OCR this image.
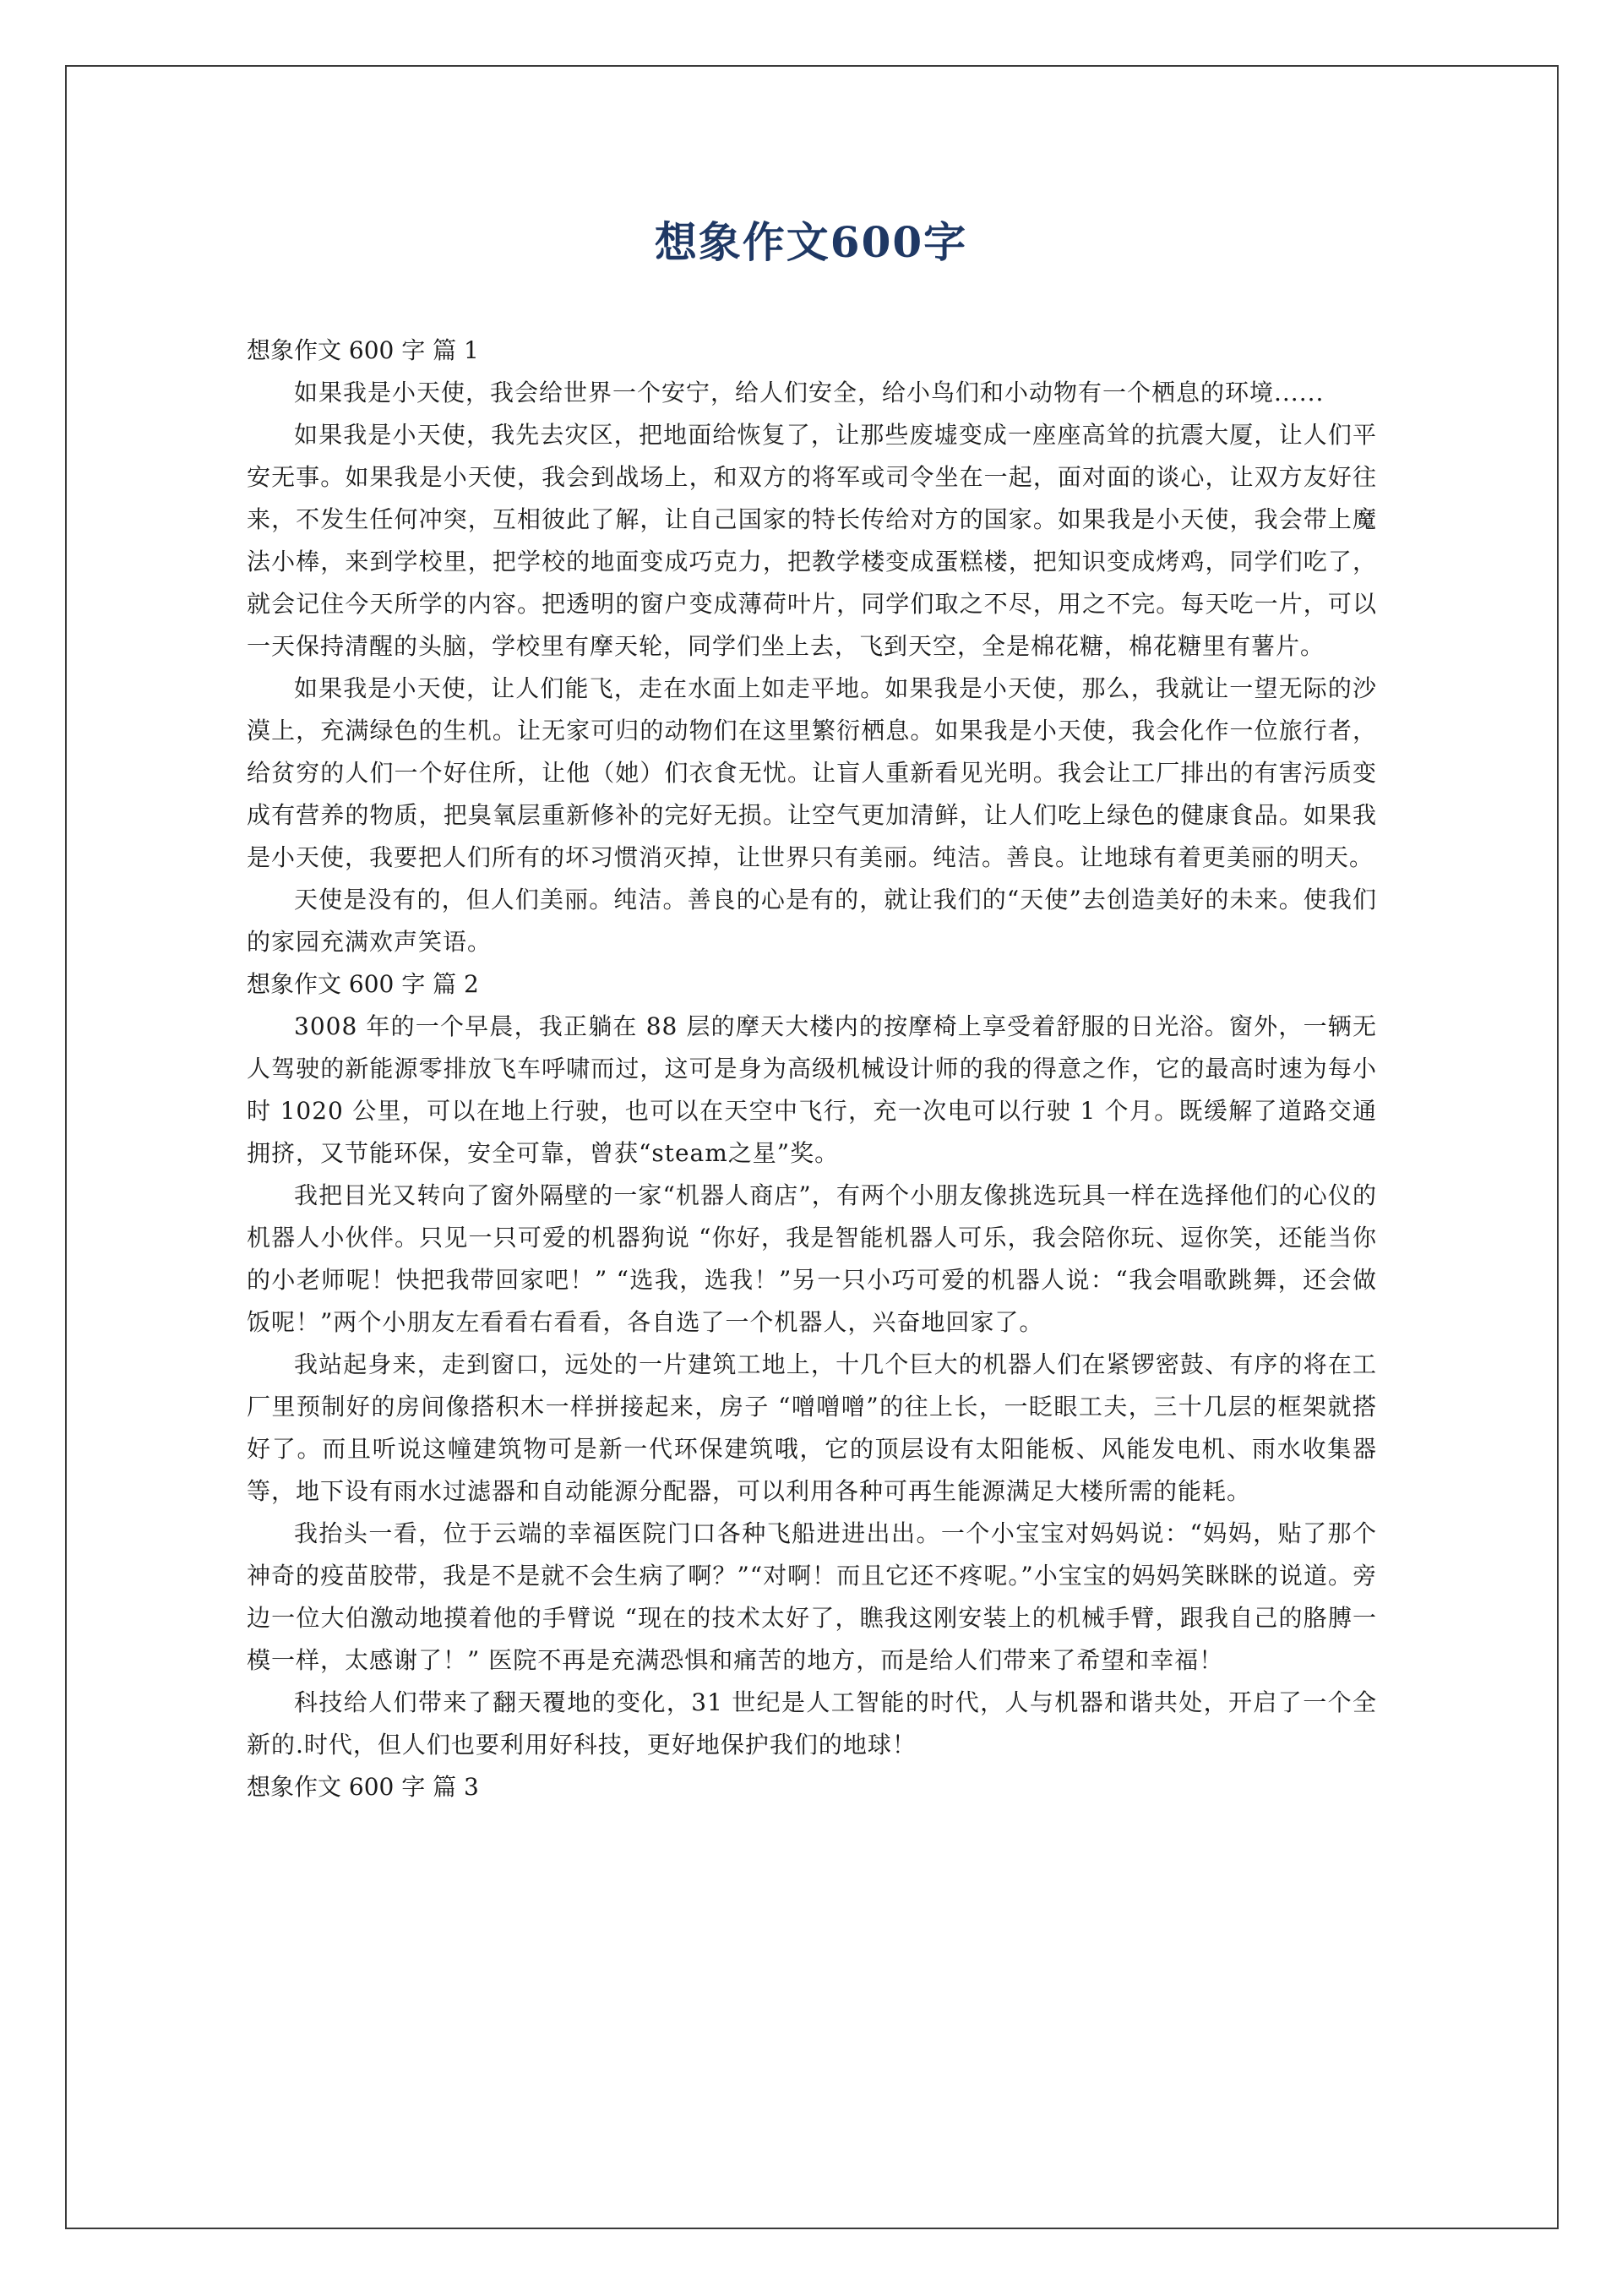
想象作文600字

想象作文 600 字 篇 1

如果我是小天使，我会给世界一个安宁，给人们安全，给小鸟们和小动物有一个栖息的环境......

如果我是小天使，我先去灾区，把地面给恢复了，让那些废墟变成一座座高耸的抗震大厦，让人们平安无事。如果我是小天使，我会到战场上，和双方的将军或司令坐在一起，面对面的谈心，让双方友好往来，不发生任何冲突，互相彼此了解，让自己国家的特长传给对方的国家。如果我是小天使，我会带上魔法小棒，来到学校里，把学校的地面变成巧克力，把教学楼变成蛋糕楼，把知识变成烤鸡，同学们吃了，就会记住今天所学的内容。把透明的窗户变成薄荷叶片，同学们取之不尽，用之不完。每天吃一片，可以一天保持清醒的头脑，学校里有摩天轮，同学们坐上去，飞到天空，全是棉花糖，棉花糖里有薯片。

如果我是小天使，让人们能飞，走在水面上如走平地。如果我是小天使，那么，我就让一望无际的沙漠上，充满绿色的生机。让无家可归的动物们在这里繁衍栖息。如果我是小天使，我会化作一位旅行者，给贫穷的人们一个好住所，让他（她）们衣食无忧。让盲人重新看见光明。我会让工厂排出的有害污质变成有营养的物质，把臭氧层重新修补的完好无损。让空气更加清鲜，让人们吃上绿色的健康食品。如果我是小天使，我要把人们所有的坏习惯消灭掉，让世界只有美丽。纯洁。善良。让地球有着更美丽的明天。

天使是没有的，但人们美丽。纯洁。善良的心是有的，就让我们的“天使”去创造美好的未来。使我们的家园充满欢声笑语。

想象作文 600 字 篇 2

3008 年的一个早晨，我正躺在 88 层的摩天大楼内的按摩椅上享受着舒服的日光浴。窗外，一辆无人驾驶的新能源零排放飞车呼啸而过，这可是身为高级机械设计师的我的得意之作，它的最高时速为每小时 1020 公里，可以在地上行驶，也可以在天空中飞行，充一次电可以行驶 1 个月。既缓解了道路交通拥挤，又节能环保，安全可靠，曾获“steam之星”奖。

我把目光又转向了窗外隔壁的一家“机器人商店”，有两个小朋友像挑选玩具一样在选择他们的心仪的机器人小伙伴。只见一只可爱的机器狗说 “你好，我是智能机器人可乐，我会陪你玩、逗你笑，还能当你的小老师呢！快把我带回家吧！” “选我，选我！”另一只小巧可爱的机器人说：“我会唱歌跳舞，还会做饭呢！”两个小朋友左看看右看看，各自选了一个机器人，兴奋地回家了。

我站起身来，走到窗口，远处的一片建筑工地上，十几个巨大的机器人们在紧锣密鼓、有序的将在工厂里预制好的房间像搭积木一样拼接起来，房子 “噌噌噌”的往上长，一眨眼工夫，三十几层的框架就搭好了。而且听说这幢建筑物可是新一代环保建筑哦，它的顶层设有太阳能板、风能发电机、雨水收集器等，地下设有雨水过滤器和自动能源分配器，可以利用各种可再生能源满足大楼所需的能耗。

我抬头一看，位于云端的幸福医院门口各种飞船进进出出。一个小宝宝对妈妈说：“妈妈，贴了那个神奇的疫苗胶带，我是不是就不会生病了啊？”“对啊！而且它还不疼呢。”小宝宝的妈妈笑眯眯的说道。旁边一位大伯激动地摸着他的手臂说 “现在的技术太好了，瞧我这刚安装上的机械手臂，跟我自己的胳膊一模一样，太感谢了！” 医院不再是充满恐惧和痛苦的地方，而是给人们带来了希望和幸福！

科技给人们带来了翻天覆地的变化，31 世纪是人工智能的时代，人与机器和谐共处，开启了一个全新的.时代，但人们也要利用好科技，更好地保护我们的地球！

想象作文 600 字 篇 3
